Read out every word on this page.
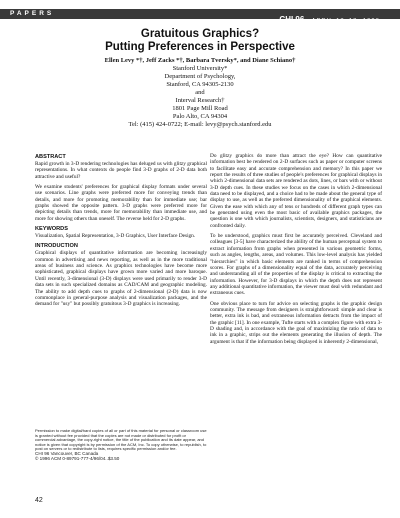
PAPERS
CHI 96 APRIL 13–18, 1996
Gratuitous Graphics?
Putting Preferences in Perspective
Ellen Levy *†, Jeff Zacks *†, Barbara Tversky*, and Diane Schiano†
Stanford University*
Department of Psychology,
Stanford, CA 94305-2130
and
Interval Research†
1801 Page Mill Road
Palo Alto, CA 94304
Tel: (415) 424-0722; E-mail: levy@psych.stanford.edu
ABSTRACT

Rapid growth in 3-D rendering technologies has deluged us with glitzy graphical representations. In what contexts do people find 3-D graphs of 2-D data both attractive and useful?

We examine students' preferences for graphical display formats under several use scenarios. Line graphs were preferred more for conveying trends than details, and more for promoting memorability than for immediate use; bar graphs showed the opposite pattern. 3-D graphs were preferred more for depicting details than trends, more for memorability than immediate use, and more for showing others than oneself. The reverse held for 2-D graphs.

KEYWORDS

Visualization, Spatial Representation, 3-D Graphics, User Interface Design.

INTRODUCTION

Graphical displays of quantitative information are becoming increasingly common in advertising and news reporting, as well as in the more traditional areas of business and science. As graphics technologies have become more sophisticated, graphical displays have grown more varied and more baroque. Until recently, 3-dimensional (3-D) displays were used primarily to render 3-D data sets in such specialized domains as CAD/CAM and geographic modeling. The ability to add depth cues to graphs of 2-dimensional (2-D) data is now commonplace in general-purpose analysis and visualization packages, and the demand for "usy" but possibly gratuitous 3-D graphics is increasing.

Permission to make digital/hard copies of all or part of this material for personal or classroom use is granted without fee provided that the copies are not made or distributed for profit or commercial advantage, the copy-right notice, the title of the publication and its date appear, and notice is given that copyright is by permission of the ACM, Inc. To copy otherwise, to republish, to post on servers or to redistribute to lists, requires specific permission and/or fee.
CHI 96 Vancouver, BC Canada
© 1996 ACM 0-89791-777-4/96/04..$3.50

Do glitzy graphics do more than attract the eye? How can quantitative information best be rendered on 2-D surfaces such as paper or computer screens to facilitate easy and accurate comprehension and memory? In this paper we report the results of three studies of people's preferences for graphical displays in which 2-dimensional data sets are rendered as dots, lines, or bars with or without 3-D depth cues. In these studies we focus on the cases in which 2-dimensional data need to be displayed, and a choice had to be made about the general type of display to use, as well as the preferred dimensionality of the graphical elements. Given the ease with which any of tens or hundreds of different graph types can be generated using even the most basic of available graphics packages, the question is one with which journalists, scientists, designers, and statisticians are confronted daily.

To be understood, graphics must first be accurately perceived. Cleveland and colleagues [3-5] have characterized the ability of the human perceptual system to extract information from graphs when presented in various geometric forms, such as angles, lengths, areas, and volumes. This low-level analysis has yielded "hierarchies" in which basic elements are ranked in terms of comprehension scores. For graphs of a dimensionality equal of the data, accurately perceiving and understanding all of the properties of the display is critical to extracting the information. However, for 3-D displays in which the depth does not represent any additional quantitative information, the viewer must deal with redundant and extraneous cues.

One obvious place to turn for advice on selecting graphs is the graphic design community. The message from designers is straightforward: simple and clear is better, extra ink is bad, and extraneous information detracts from the impact of the graphic [11]. In one example, Tufte starts with a complex figure with extra 3-D shading and, in accordance with the goal of maximizing the ratio of data to ink in a graphic, strips out the elements generating the illusion of depth. The argument is that if the information being displayed is inherently 2-dimensional,

42
